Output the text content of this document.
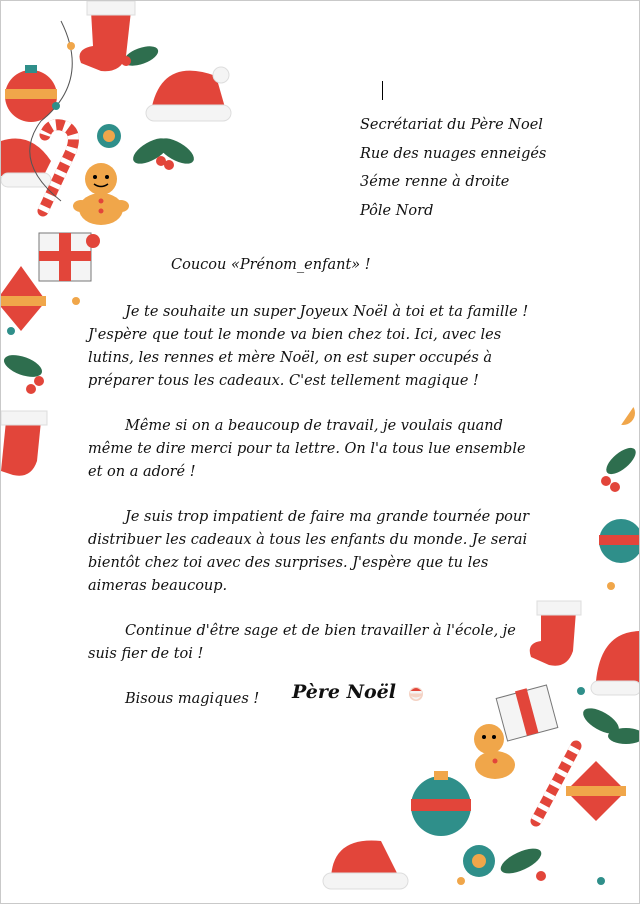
Secrétariat du Père Noel
Rue des nuages enneigés
3éme renne à droite
Pôle Nord
Coucou «Prénom_enfant» !

Je te souhaite un super Joyeux Noël à toi et ta famille ! J'espère que tout le monde va bien chez toi. Ici, avec les lutins, les rennes et mère Noël, on est super occupés à préparer tous les cadeaux. C'est tellement magique !

Même si on a beaucoup de travail, je voulais quand même te dire merci pour ta lettre. On l'a tous lue ensemble et on a adoré !

Je suis trop impatient de faire ma grande tournée pour distribuer les cadeaux à tous les enfants du monde. Je serai bientôt chez toi avec des surprises. J'espère que tu les aimeras beaucoup.

Continue d'être sage et de bien travailler à l'école, je suis fier de toi !

Bisous magiques !	Père Noël
